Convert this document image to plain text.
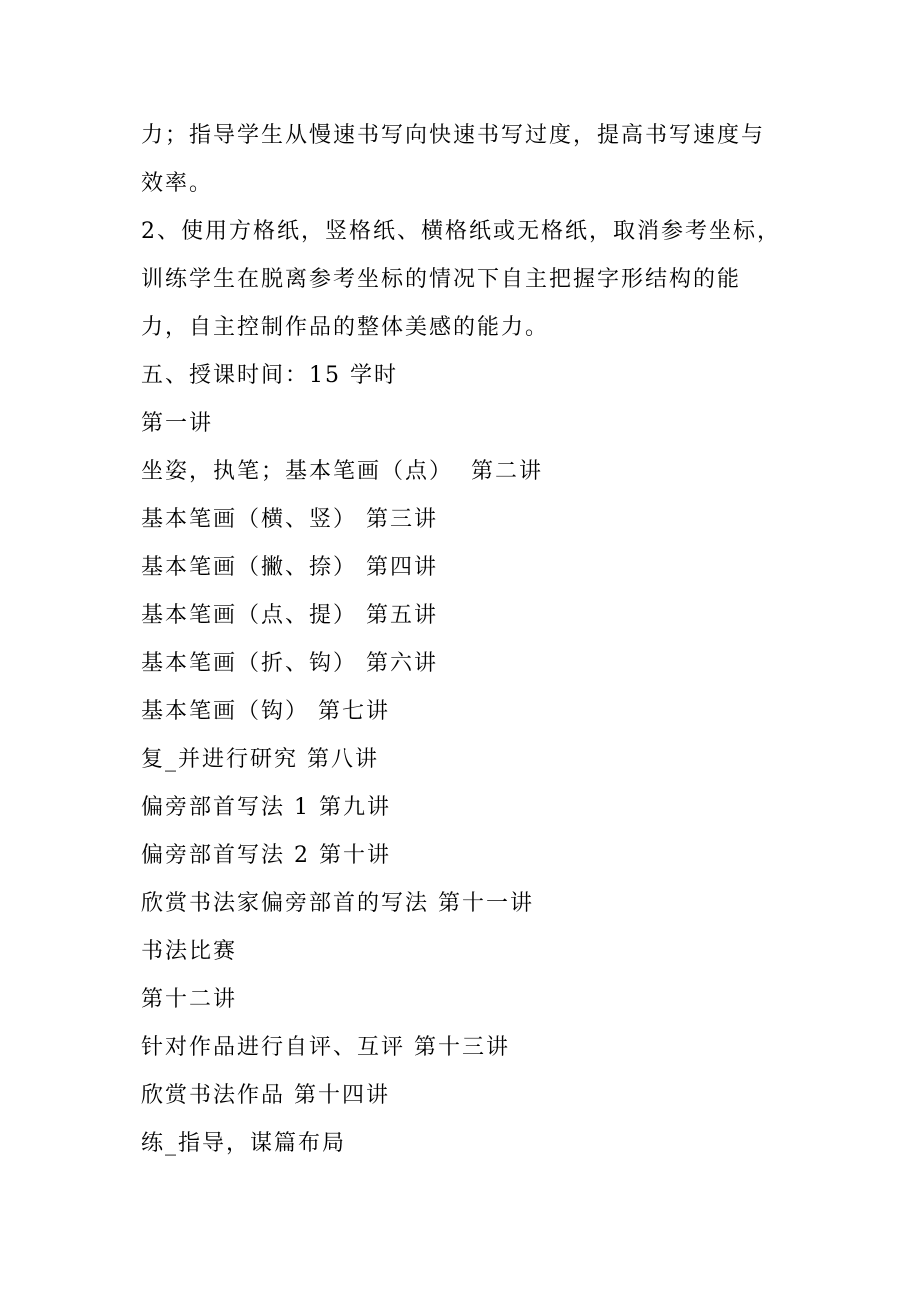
力；指导学生从慢速书写向快速书写过度，提高书写速度与
效率。
2、使用方格纸，竖格纸、横格纸或无格纸，取消参考坐标，
训练学生在脱离参考坐标的情况下自主把握字形结构的能
力，自主控制作品的整体美感的能力。
五、授课时间：15 学时
第一讲
坐姿，执笔；基本笔画（点）  第二讲
基本笔画（横、竖） 第三讲
基本笔画（撇、捺） 第四讲
基本笔画（点、提） 第五讲
基本笔画（折、钩） 第六讲
基本笔画（钩） 第七讲
复_并进行研究 第八讲
偏旁部首写法 1 第九讲
偏旁部首写法 2 第十讲
欣赏书法家偏旁部首的写法 第十一讲
书法比赛
第十二讲
针对作品进行自评、互评 第十三讲
欣赏书法作品 第十四讲
练_指导，谋篇布局
